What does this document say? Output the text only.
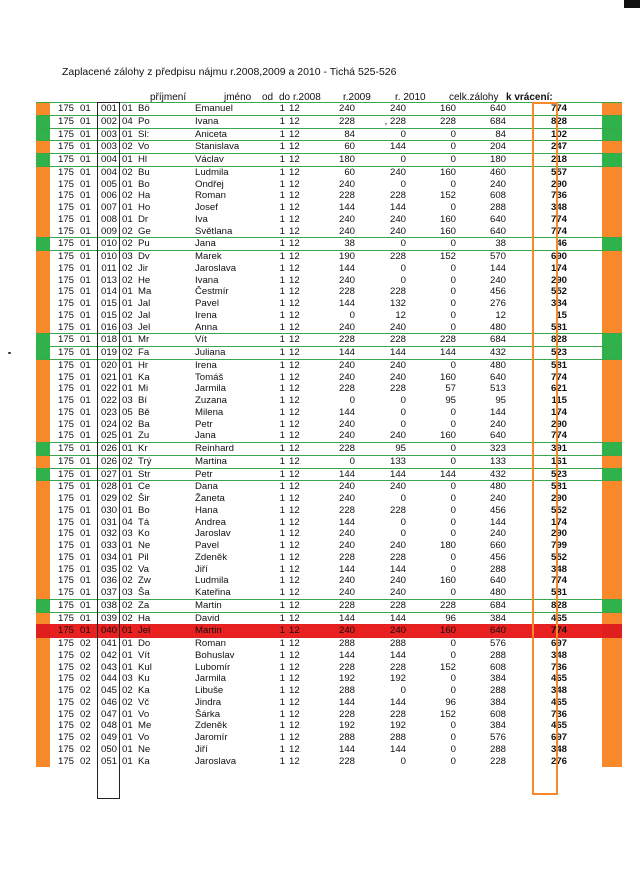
Zaplacené zálohy z předpisu nájmu r.2008,2009 a 2010 - Tichá 525-526
příjmení	jméno od do r.2008 r.2009 r. 2010 celk.zálohy k vrácení:
175 01 001 01 Bö	Emanuel	1 12	240	240	160	640	774
175 01 002 04 Po	Ivana	1 12	228	, 228	228	684	828
175 01 003 01 Sl:	Aniceta	1 12	84	0	0	84	102
175 01 003 02 Vo	Stanislava	1 12	60	144	0	204	247
175 01 004 01 Hl	Václav	1 12	180	0	0	180	218
175 01 004 02 Bu	Ludmila	1 12	60	240	160	460	557
175 01 005 01 Bo	Ondřej	1 12	240	0	0	240	290
175 01 006 02 Ha	Roman	1 12	228	228	152	608	736
175 01 007 01 Ho	Josef	1 12	144	144	0	288	348
175 01 008 01 Dr	Iva	1 12	240	240	160	640	774
175 01 009 02 Ge	Světlana	1 12	240	240	160	640	774
175 01 010 02 Pu	Jana	1 12	38	0	0	38	46
175 01 010 03 Dv	Marek	1 12	190	228	152	570	690
175 01 011 02 Jir	Jaroslava	1 12	144	0	0	144	174
175 01 013 02 He	Ivana	1 12	240	0	0	240	290
175 01 014 01 Ma	Čestmír	1 12	228	228	0	456	552
175 01 015 01 Jal	Pavel	1 12	144	132	0	276	334
175 01 015 02 Jal	Irena	1 12	0	12	0	12	15
175 01 016 03 Jel	Anna	1 12	240	240	0	480	581
175 01 018 01 Mr	Vít	1 12	228	228	228	684	828
175 01 019 02 Fa	Juliana	1 12	144	144	144	432	523
175 01 020 01 Hr	Irena	1 12	240	240	0	480	581
175 01 021 01 Ka	Tomáš	1 12	240	240	160	640	774
175 01 022 01 Mi	Jarmila	1 12	228	228	57	513	621
175 01 022 03 Bí	Zuzana	1 12	0	0	95	95	115
175 01 023 05 Bě	Milena	1 12	144	0	0	144	174
175 01 024 02 Ba	Petr	1 12	240	0	0	240	290
175 01 025 01 Zu	Jana	1 12	240	240	160	640	774
175 01 026 01 Kr	Reinhard	1 12	228	95	0	323	391
175 01 026 02 Trý	Martina	1 12	0	133	0	133	161
175 01 027 01 Str	Petr	1 12	144	144	144	432	523
175 01 028 01 Ce	Dana	1 12	240	240	0	480	581
175 01 029 02 Šir	Žaneta	1 12	240	0	0	240	290
175 01 030 01 Bo	Hana	1 12	228	228	0	456	552
175 01 031 04 Tá	Andrea	1 12	144	0	0	144	174
175 01 032 03 Ko	Jaroslav	1 12	240	0	0	240	290
175 01 033 01 Ne	Pavel	1 12	240	240	180	660	799
175 01 034 01 Pil	Zdeněk	1 12	228	228	0	456	552
175 01 035 02 Va	Jiří	1 12	144	144	0	288	348
175 01 036 02 Zw	Ludmila	1 12	240	240	160	640	774
175 01 037 03 Ša	Kateřina	1 12	240	240	0	480	581
175 01 038 02 Za	Martin	1 12	228	228	228	684	828
175 01 039 02 Ha	David	1 12	144	144	96	384	465
175 01 040 01 Jel	Martin	1 12	240	240	160	640	774
175 02 041 01 Do	Roman	1 12	288	288	0	576	697
175 02 042 01 Vít	Bohuslav	1 12	144	144	0	288	348
175 02 043 01 Kul	Lubomír	1 12	228	228	152	608	736
175 02 044 03 Ku	Jarmila	1 12	192	192	0	384	465
175 02 045 02 Ka	Libuše	1 12	288	0	0	288	348
175 02 046 02 Vč	Jindra	1 12	144	144	96	384	465
175 02 047 01 Vo	Šárka	1 12	228	228	152	608	736
175 02 048 01 Me	Zdeněk	1 12	192	192	0	384	465
175 02 049 01 Vo	Jaromír	1 12	288	288	0	576	697
175 02 050 01 Ne	Jiří	1 12	144	144	0	288	348
175 02 051 01 Ka	Jaroslava	1 12	228	0	0	228	276
